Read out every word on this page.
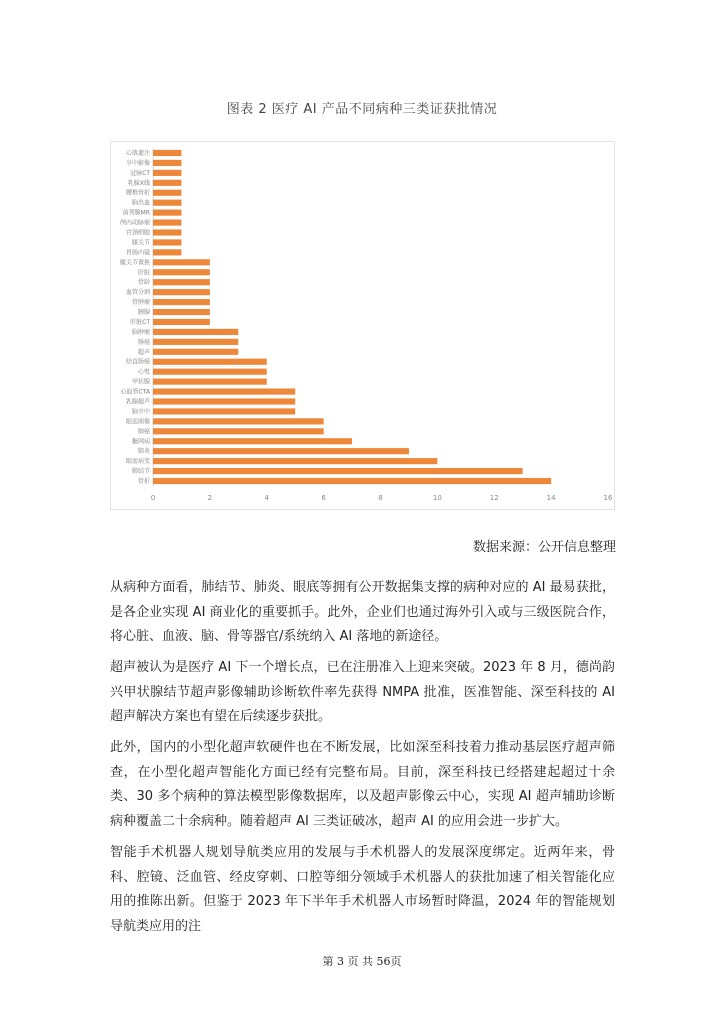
图表 2 医疗 AI 产品不同病种三类证获批情况
心肌灌注
卒中影像
冠脉CT
乳腺X线
腰椎骨折
脑出血
前列腺MR
颅内动脉瘤
宫颈细胞
膝关节
胃肠内镜
髋关节置换
肝脏
骨龄
血管分割
骨肿瘤
胰腺
肝脏CT
脑肿瘤
肠癌
超声
结直肠癌
心电
甲状腺
心血管CTA
乳腺超声
脑卒中
眼底图像
肺癌
糖网病
肺炎
眼底病变
肺结节
骨折
0	2	4	6	8	10	12	14	16
数据来源：公开信息整理

从病种方面看，肺结节、肺炎、眼底等拥有公开数据集支撑的病种对应的 AI 最易获批，是各企业实现 AI 商业化的重要抓手。此外，企业们也通过海外引入或与三级医院合作，将心脏、血液、脑、骨等器官/系统纳入 AI 落地的新途径。

超声被认为是医疗 AI 下一个增长点，已在注册准入上迎来突破。2023 年 8 月，德尚韵兴甲状腺结节超声影像辅助诊断软件率先获得 NMPA 批准，医准智能、深至科技的 AI 超声解决方案也有望在后续逐步获批。

此外，国内的小型化超声软硬件也在不断发展，比如深至科技着力推动基层医疗超声筛查，在小型化超声智能化方面已经有完整布局。目前，深至科技已经搭建起超过十余类、30 多个病种的算法模型影像数据库，以及超声影像云中心，实现 AI 超声辅助诊断病种覆盖二十余病种。随着超声 AI 三类证破冰，超声 AI 的应用会进一步扩大。

智能手术机器人规划导航类应用的发展与手术机器人的发展深度绑定。近两年来，骨科、腔镜、泛血管、经皮穿刺、口腔等细分领域手术机器人的获批加速了相关智能化应用的推陈出新。但鉴于 2023 年下半年手术机器人市场暂时降温，2024 年的智能规划导航类应用的注

第 3 页 共 56页
